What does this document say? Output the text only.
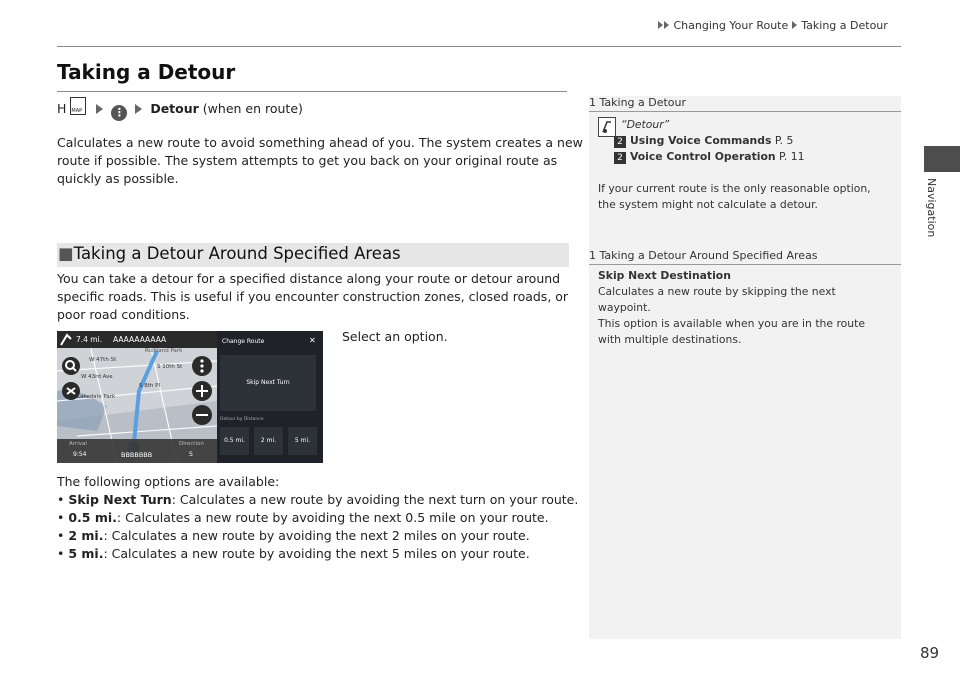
Changing Your Route Taking a Detour
Navigation
Taking a Detour
H MAP	⋮ Detour (when en route)
Calculates a new route to avoid something ahead of you. The system creates a new
route if possible. The system attempts to get you back on your original route as
quickly as possible.
1 Taking a Detour
“Detour”
2 Using Voice Commands P. 5
2 Voice Control Operation P. 11
If your current route is the only reasonable option,
the system might not calculate a detour.
■Taking a Detour Around Specified Areas	1 Taking a Detour Around Specified Areas
Skip Next Destination
Calculates a new route by skipping the next
waypoint.
This option is available when you are in the route
with multiple destinations.
You can take a detour for a specified distance along your route or detour around
specific roads. This is useful if you encounter construction zones, closed roads, or
poor road conditions.
Select an option.
7.4 mi. AAAAAAAAAA
Richland Park
W 47th St
S 10th St
W 43rd Ave
S 8th Pl
Lakedale Park
Arrival
9:54	BBBBBBB
Direction
S
Change Route	✕
Skip Next Turn
Detour by Distance
0.5 mi.	2 mi.	5 mi.
The following options are available:
• Skip Next Turn: Calculates a new route by avoiding the next turn on your route.
• 0.5 mi.: Calculates a new route by avoiding the next 0.5 mile on your route.
• 2 mi.: Calculates a new route by avoiding the next 2 miles on your route.
• 5 mi.: Calculates a new route by avoiding the next 5 miles on your route.
89
